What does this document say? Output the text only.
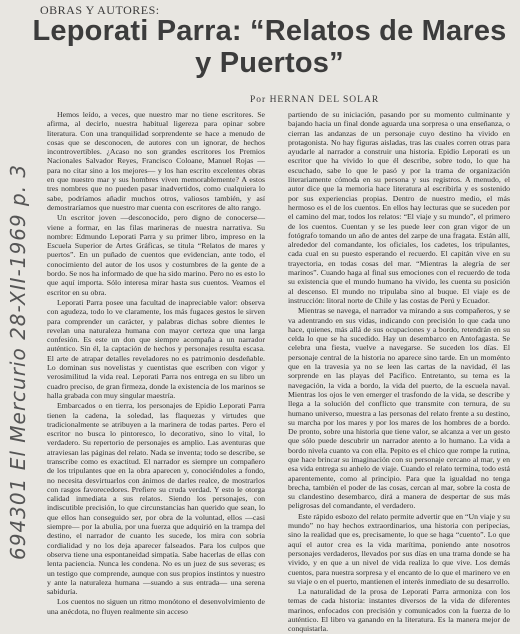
OBRAS Y AUTORES:
Leporati Parra: “Relatos de Mares
y Puertos”
Por HERNAN DEL SOLAR

Hemos leído, a veces, que nuestro mar no tiene escritores. Se afirma, al decirlo, nuestra habitual ligereza para opinar sobre literatura. Con una tranquilidad sorprendente se hace a menudo de cosas que se desconocen, de autores con un ignorar, de hechos incontrovertibles. ¿Acaso no son grandes escritores los Premios Nacionales Salvador Reyes, Francisco Coloane, Manuel Rojas —para no citar sino a los mejores— y los han escrito excelentes obras en que nuestro mar y sus hombres viven memorablemente? A estos tres nombres que no pueden pasar inadvertidos, como cualquiera lo sabe, podríamos añadir muchos otros, valiosos también, y así demostraríamos que nuestro mar cuenta con escritores de alto rango.

Un escritor joven —desconocido, pero digno de conocerse— viene a formar, en las filas marineras de nuestra narrativa. Su nombre: Edmundo Leporati Parra y su primer libro, impreso en la Escuela Superior de Artes Gráficas, se titula “Relatos de mares y puertos”. En un puñado de cuentos que evidencian, ante todo, el conocimiento del autor de los usos y costumbres de la gente de a bordo. Se nos ha informado de que ha sido marino. Pero no es esto lo que aquí importa. Sólo interesa mirar hasta sus cuentos. Veamos el escritor en su obra.

Leporati Parra posee una facultad de inapreciable valor: observa con agudeza, todo lo ve claramente, los más fugaces gestos le sirven para comprender un carácter, y palabras dichas sobre dientes le revelan una naturaleza humana con mayor certeza que una larga confesión. Es este un don que siempre acompaña a un narrador auténtico. Sin él, la captación de hechos y personajes resulta escasa. El arte de atrapar detalles reveladores no es patrimonio desdeñable. Lo dominan sus novelistas y cuentistas que escriben con vigor y verosimilitud la vida real. Leporati Parra nos entrega en su libro un cuadro preciso, de gran firmeza, donde la existencia de los marinos se halla grabada con muy singular maestría.

Embarcados o en tierra, los personajes de Epidio Leporati Parra tienen la cadena, la soledad, las flaquezas y virtudes que tradicionalmente se atribuyen a la marinera de todas partes. Pero el escritor no busca lo pintoresco, lo decorativo, sino lo vital, lo verdadero. Su repertorio de personajes es amplio. Las aventuras que atraviesan las páginas del relato. Nada se inventa; todo se describe, se transcribe como es exactitud. El narrador es siempre un compañero de los tripulantes que en la obra aparecen y, conociéndoles a fondo, no necesita desvirtuarlos con ánimos de darles realce, de mostrarlos con rasgos favorecedores. Prefiere su cruda verdad. Y esto le otorga calidad inmediata a sus relatos. Siendo los personajes, con indiscutible precisión, lo que circunstancias han querido que sean, lo que ellos han conseguido ser, por obra de la voluntad, ellos —casi siempre— por la abulia, por una fuerza que adquirió en la trampa del destino, el narrador de cuanto les sucede, los mira con sobria cordialidad y no los deja aparecer falseados. Para los culpos que observa tiene una espontaneidad simpatía. Sabe hacerlas de ellas con lenta paciencia. Nunca les condena. No es un juez de sus severas; es un testigo que comprende, aunque con sus propios instintos y nuestro y ante la naturaleza humana —suando a sus entrada— una serena sabiduría.

Los cuentos no siguen un ritmo monótono el desenvolvimiento de una anécdota, no fluyen realmente sin acceso

partiendo de su iniciación, pasando por su momento culminante y bajando hacia un final donde aguarda una sorpresa o una enseñanza, o cierran las andanzas de un personaje cuyo destino ha vivido en protagonista. No hay figuras aisladas, tras las cuales corren otras para ayudarle al narrador a construir una historia. Epidio Leporati es un escritor que ha vivido lo que él describe, sobre todo, lo que ha escuchado, sabe lo que le pasó y por la trama de organización literariamente cómoda en su persona y sus registros. A menudo, el autor dice que la memoria hace literatura al escribirla y es sostenido por sus experiencias propias. Dentro de nuestro medio, el más hermoso es el de los cuentos. En ellos hay lecturas que se suceden por el camino del mar, todos los relatos: “El viaje y su mundo”, el primero de los cuentos. Cuentan y se les puede leer con gran vigor de un fotógrafo tomando un año de antes del zarpe de una fragata. Están allí, alrededor del comandante, los oficiales, los cadetes, los tripulantes, cada cual en su puesto esperando el recuerdo. El capitán vive en su trayectoria, en todas cosas del mar. “Mientras la alegría de ser marinos”. Cuando haga al final sus emociones con el recuerdo de toda su existencia que el mundo humano ha vivido, les cuenta su posición al descenso. El mundo no tripulaba sino al buque. El viaje es de instrucción: litoral norte de Chile y las costas de Perú y Ecuador.

Mientras se navega, el narrador va mirando a sus compañeros, y se va adentrando en sus vidas, indicando con precisión lo que cada uno hace, quienes, más allá de sus ocupaciones y a bordo, retendrán en su celda lo que se ha sucedido. Hay un desembarco en Antofagasta. Se celebra una fiesta, vuelve a navegarse. Se suceden los días. El personaje central de la historia no aparece sino tarde. En un moménto que en la travesia ya no se leen las cartas de la navidad, él las sorprende en las playas del Pacífico. Entretanto, su tema es la navegación, la vida a bordo, la vida del puerto, de la escuela naval. Mientras los ojos le ven emerger el trasfondo de la vida, se describe y llega a la solución del conflicto que transmite con ternura, de su humano universo, muestra a las personas del relato frente a su destino, su marcha por los mares y por los mares de los hombres de a bordo. De pronto, sobre una historia que tiene valor, se alcanza a ver un gesto que sólo puede descubrir un narrador atento a lo humano. La vida a bordo nivela cuanto va con ella. Pepito es el chico que rompe la rutina, que hace brincar su imaginación con su personaje cercano al mar, y en esa vida entrega su anhelo de viaje. Cuando el relato termina, todo está aparentemente, como al principio. Para que la igualdad no tenga brecha, también el poder de las cosas, cercan al mar, sobre la costa de su clandestino desembarco, dirá a manera de despertar de sus más peligrosas del comandante, el verdadero.

Este rápido esbozo del relato permite advertir que en “Un viaje y su mundo” no hay hechos extraordinarios, una historia con peripecias, sino la realidad que es, precisamente, lo que se haga “cuento”. Lo que aquí el autor crea es la vida marítima, poniendo ante nosotros personajes verdaderos, llevados por sus días en una trama donde se ha vivido, y en que a un nivel de vida realiza lo que vive. Los demás cuentos, para nuestra sorpresa y el encanto de lo que el marinero ve en su viaje o en el puerto, mantienen el interés inmediato de su desarrollo.

La naturalidad de la prosa de Leporati Parra armoniza con los temas de cada historia: instantes diversos de la vida de diferentes marinos, enfocados con precisión y comunicados con la fuerza de lo auténtico. El libro va ganando en la literatura. Es la manera mejor de conquistarla.

694301 El Mercurio 28-XII-1969 p. 3
